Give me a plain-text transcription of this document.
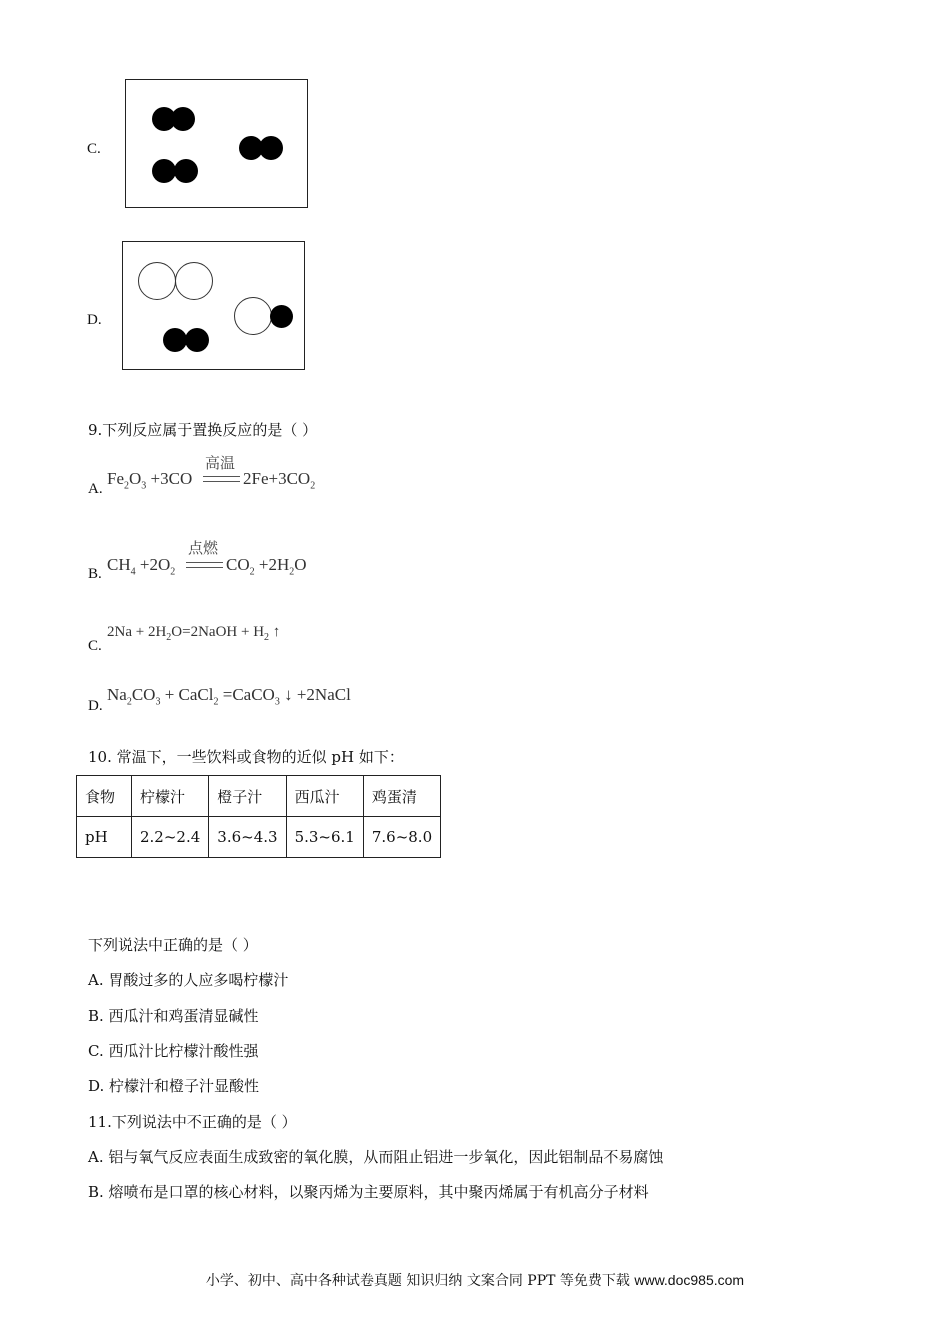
C.
D.
9.下列反应属于置换反应的是（ ）
A.
$Fe_2O_3 +3CO$
高温
$2Fe+3CO_2$
B. $CH_4 +2O_2$
点燃
$CO_2 +2H_2O$
C.
$2Na + 2H_2O=2NaOH + H_2$ ↑
D.
$Na_2CO_3$ + CaCl$_2$ =CaCO$_3$ ↓ +2NaCl
10. 常温下，一些饮料或食物的近似 pH 如下：
食物	柠檬汁	橙子汁	西瓜汁	鸡蛋清
pH	2.2~2.4	3.6~4.3	5.3~6.1	7.6~8.0
下列说法中正确的是（ ）
A. 胃酸过多的人应多喝柠檬汁
B. 西瓜汁和鸡蛋清显碱性
C. 西瓜汁比柠檬汁酸性强
D. 柠檬汁和橙子汁显酸性
11.下列说法中不正确的是（ ）
A. 铝与氧气反应表面生成致密的氧化膜，从而阻止铝进一步氧化，因此铝制品不易腐蚀
B. 熔喷布是口罩的核心材料，以聚丙烯为主要原料，其中聚丙烯属于有机高分子材料
小学、初中、高中各种试卷真题 知识归纳 文案合同 PPT 等免费下载 www.doc985.com
